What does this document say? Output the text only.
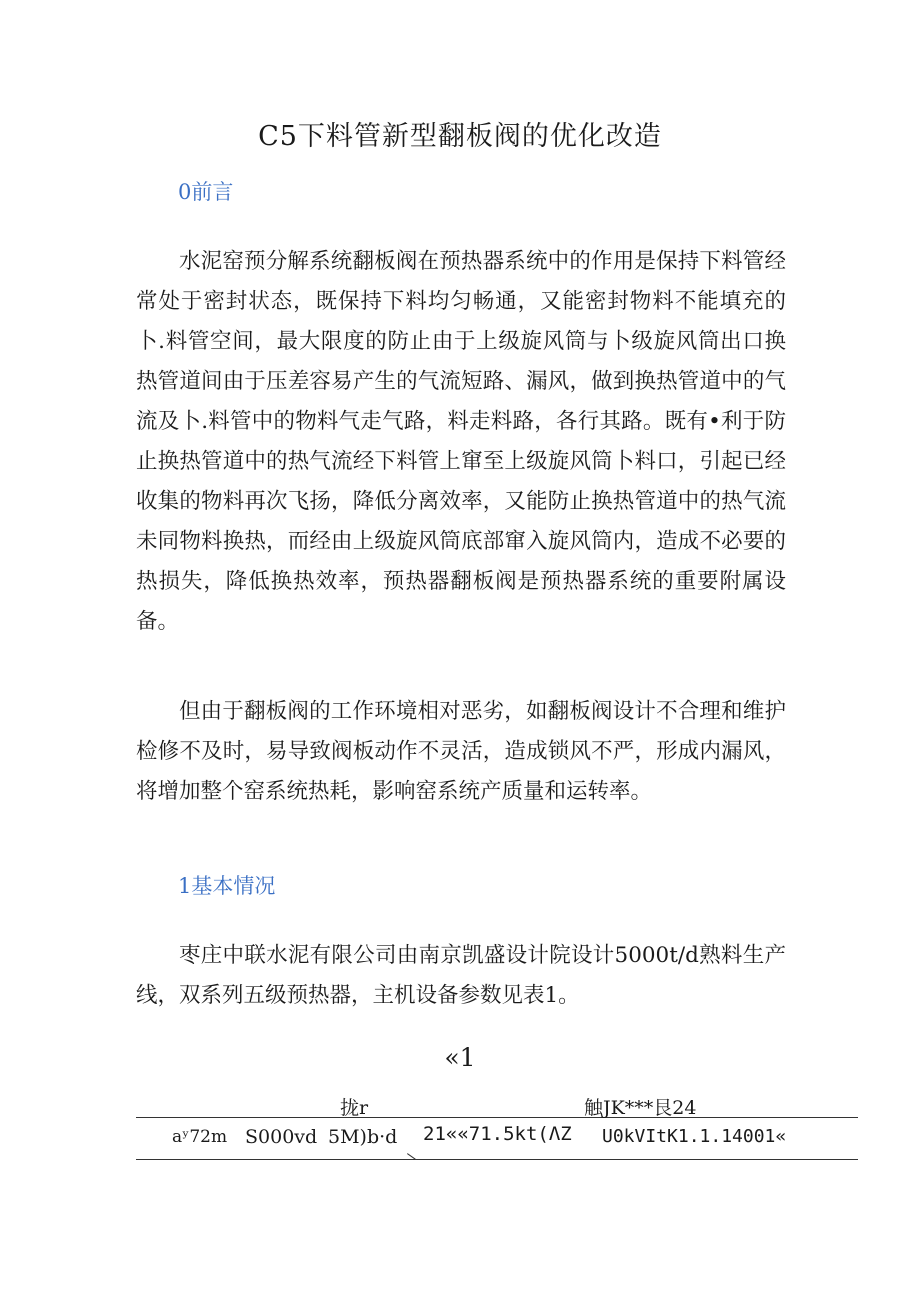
C5下料管新型翻板阀的优化改造
0前言

水泥窑预分解系统翻板阀在预热器系统中的作用是保持下料管经常处于密封状态，既保持下料均匀畅通，又能密封物料不能填充的卜.料管空间，最大限度的防止由于上级旋风筒与卜级旋风筒出口换热管道间由于压差容易产生的气流短路、漏风，做到换热管道中的气流及卜.料管中的物料气走气路，料走料路，各行其路。既有•利于防止换热管道中的热气流经下料管上窜至上级旋风筒卜料口，引起已经收集的物料再次飞扬，降低分离效率，又能防止换热管道中的热气流未同物料换热，而经由上级旋风筒底部窜入旋风筒内，造成不必要的热损失，降低换热效率，预热器翻板阀是预热器系统的重要附属设备。

但由于翻板阀的工作环境相对恶劣，如翻板阀设计不合理和维护检修不及时，易导致阀板动作不灵活，造成锁风不严，形成内漏风，将增加整个窑系统热耗，影响窑系统产质量和运转率。

1基本情况

枣庄中联水泥有限公司由南京凯盛设计院设计5000t/d熟料生产线，双系列五级预热器，主机设备参数见表1。

«1
拢r	触JK***艮24
aʸ72m S000vd 5M)b·d 21««71.5kt(ΛZ U0kVItK1.1.14001«
